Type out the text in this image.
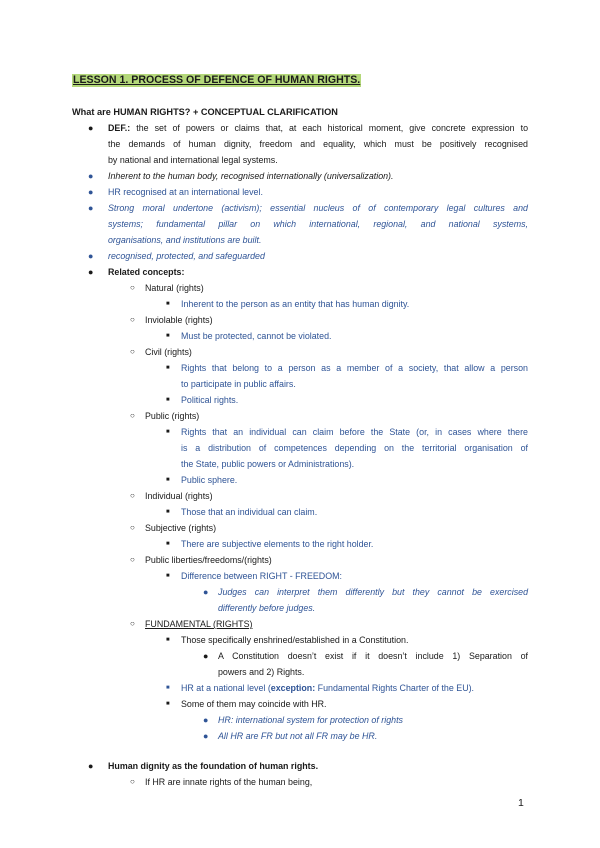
LESSON 1. PROCESS OF DEFENCE OF HUMAN RIGHTS.

What are HUMAN RIGHTS? + CONCEPTUAL CLARIFICATION

● DEF.: the set of powers or claims that, at each historical moment, give concrete expression to

the demands of human dignity, freedom and equality, which must be positively recognised

by national and international legal systems.

● Inherent to the human body, recognised internationally (universalization).

● HR recognised at an international level.

● Strong moral undertone (activism); essential nucleus of of contemporary legal cultures and

systems; fundamental pillar on which international, regional, and national systems,

organisations, and institutions are built.

● recognised, protected, and safeguarded

● Related concepts:

○ Natural (rights)

■ Inherent to the person as an entity that has human dignity.

○ Inviolable (rights)

■ Must be protected, cannot be violated.

○ Civil (rights)

■ Rights that belong to a person as a member of a society, that allow a person

to participate in public affairs.

■ Political rights.

○ Public (rights)

■ Rights that an individual can claim before the State (or, in cases where there

is a distribution of competences depending on the territorial organisation of

the State, public powers or Administrations).

■ Public sphere.

○ Individual (rights)

■ Those that an individual can claim.

○ Subjective (rights)

■ There are subjective elements to the right holder.

○ Public liberties/freedoms/(rights)

■ Difference between RIGHT - FREEDOM:

● Judges can interpret them differently but they cannot be exercised

differently before judges.

○ FUNDAMENTAL (RIGHTS)

■ Those specifically enshrined/established in a Constitution.

● A Constitution doesn’t exist if it doesn’t include 1) Separation of

powers and 2) Rights.

■ HR at a national level (exception: Fundamental Rights Charter of the EU).

■ Some of them may coincide with HR.

● HR: international system for protection of rights

● All HR are FR but not all FR may be HR.

● Human dignity as the foundation of human rights.

○ If HR are innate rights of the human being,

1
